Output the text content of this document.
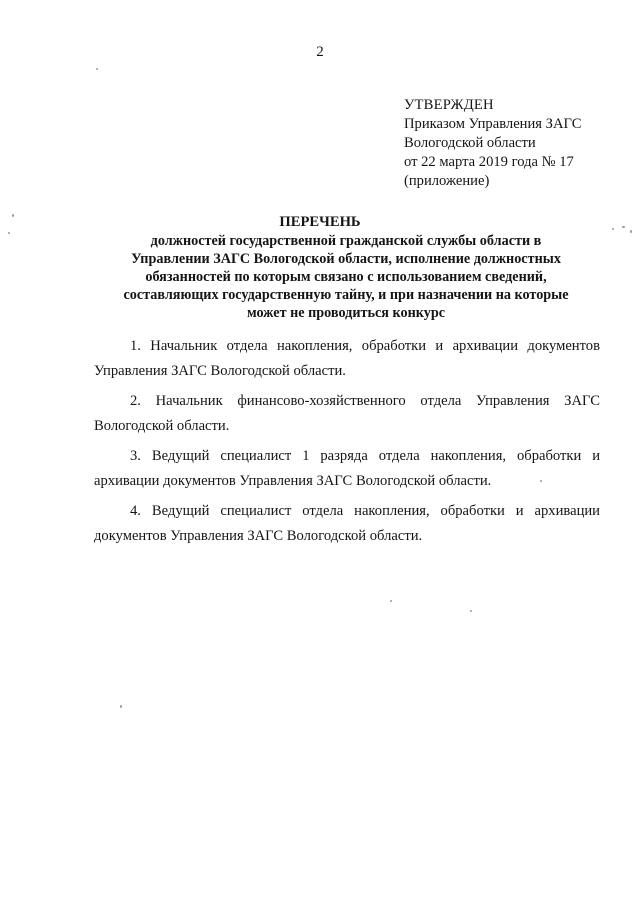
2
УТВЕРЖДЕН
Приказом Управления ЗАГС
Вологодской области
от 22 марта 2019 года № 17
(приложение)
ПЕРЕЧЕНЬ
должностей государственной гражданской службы области в
Управлении ЗАГС Вологодской области, исполнение должностных
обязанностей по которым связано с использованием сведений,
составляющих государственную тайну, и при назначении на которые
может не проводиться конкурс

1. Начальник отдела накопления, обработки и архивации документов Управления ЗАГС Вологодской области.

2. Начальник финансово-хозяйственного отдела Управления ЗАГС Вологодской области.

3. Ведущий специалист 1 разряда отдела накопления, обработки и архивации документов Управления ЗАГС Вологодской области.

4. Ведущий специалист отдела накопления, обработки и архивации документов Управления ЗАГС Вологодской области.
